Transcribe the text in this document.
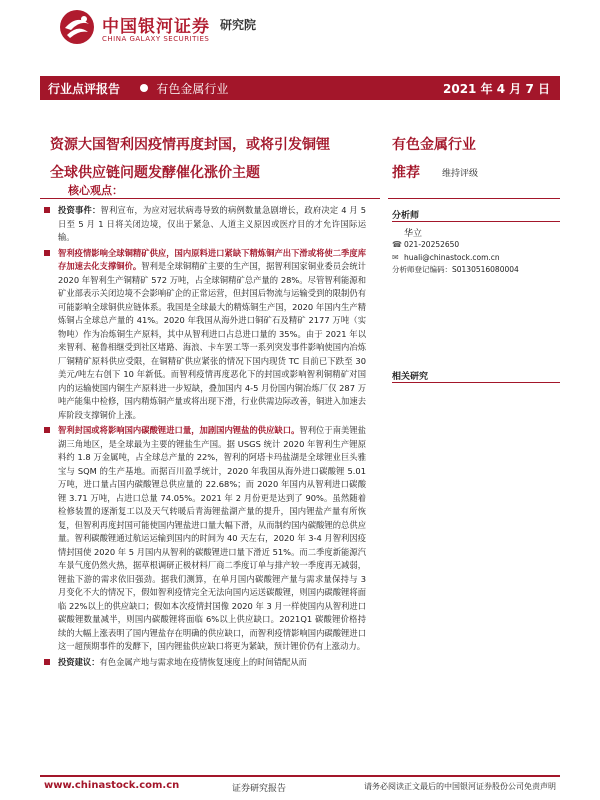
中国银河证券
CHINA GALAXY SECURITIES
研究院
行业点评报告	有色金属行业	2021 年 4 月 7 日
资源大国智利因疫情再度封国，或将引发铜锂
全球供应链问题发酵催化涨价主题
有色金属行业
推荐 维持评级
核心观点：

投资事件：智利宣布，为应对冠状病毒导致的病例数量急剧增长，政府决定 4 月 5 日至 5 月 1 日将关闭边境，仅出于紧急、人道主义原因或医疗目的才允许国际运输。

智利疫情影响全球铜精矿供应，国内原料进口紧缺下精炼铜产出下滑或将使二季度库存加速去化支撑铜价。智利是全球铜精矿主要的生产国，据智利国家铜业委员会统计 2020 年智利生产铜精矿 572 万吨，占全球铜精矿总产量的 28%。尽管智利能源和矿业部表示关闭边境不会影响矿企的正常运营，但封国后物流与运输受到的限制仍有可能影响全球铜供应链体系。我国是全球最大的精炼铜生产国，2020 年国内生产精炼铜占全球总产量的 41%。2020 年我国从海外进口铜矿石及精矿 2177 万吨（实物吨）作为冶炼铜生产原料，其中从智利进口占总进口量的 35%。由于 2021 年以来智利、秘鲁相继受到社区堵路、海浪、卡车罢工等一系列突发事件影响使国内冶炼厂铜精矿原料供应受限，在铜精矿供应紧张的情况下国内现货 TC 目前已下跌至 30 美元/吨左右创下 10 年新低。而智利疫情再度恶化下的封国或影响智利铜精矿对国内的运输使国内铜生产原料进一步短缺，叠加国内 4-5 月份国内铜冶炼厂仅 287 万吨产能集中检修，国内精炼铜产量或将出现下滑，行业供需边际改善，铜进入加速去库阶段支撑铜价上涨。

智利封国或将影响国内碳酸锂进口量，加剧国内锂盐的供应缺口。智利位于南美锂盐湖三角地区，是全球最为主要的锂盐生产国。据 USGS 统计 2020 年智利生产锂原料约 1.8 万金属吨，占全球总产量的 22%，智利的阿塔卡玛盐湖是全球锂业巨头雅宝与 SQM 的生产基地。而据百川盈孚统计，2020 年我国从海外进口碳酸锂 5.01 万吨，进口量占国内碳酸锂总供应量的 22.68%；而 2020 年国内从智利进口碳酸锂 3.71 万吨，占进口总量 74.05%。2021 年 2 月份更是达到了 90%。虽然随着检修装置的逐渐复工以及天气转暖后青海锂盐湖产量的提升，国内锂盐产量有所恢复，但智利再度封国可能使国内锂盐进口量大幅下滑，从而制约国内碳酸锂的总供应量。智利碳酸锂通过航运运输到国内的时间为 40 天左右，2020 年 3-4 月智利因疫情封国使 2020 年 5 月国内从智利的碳酸锂进口量下滑近 51%。而二季度新能源汽车景气度仍然火热，据草根调研正极材料厂商二季度订单与排产较一季度再无减弱，锂盐下游的需求依旧强劲。据我们测算，在单月国内碳酸锂产量与需求量保持与 3 月变化不大的情况下，假如智利疫情完全无法向国内运送碳酸锂，则国内碳酸锂将面临 22%以上的供应缺口；假如本次疫情封国像 2020 年 3 月一样使国内从智利进口碳酸锂数量减半，则国内碳酸锂将面临 6%以上供应缺口。2021Q1 碳酸锂价格持续的大幅上涨表明了国内锂盐存在明确的供应缺口，而智利疫情影响国内碳酸锂进口这一超预期事件的发酵下，国内锂盐供应缺口将更为紧缺，预计锂价仍有上涨动力。

投资建议：有色金属产地与需求地在疫情恢复速度上的时间错配从而

分析师
华立
☎ 021-20252650
✉ huali@chinastock.com.cn
分析师登记编码：S0130516080004
相关研究
www.chinastock.com.cn	证券研究报告	请务必阅读正文最后的中国银河证券股份公司免责声明
